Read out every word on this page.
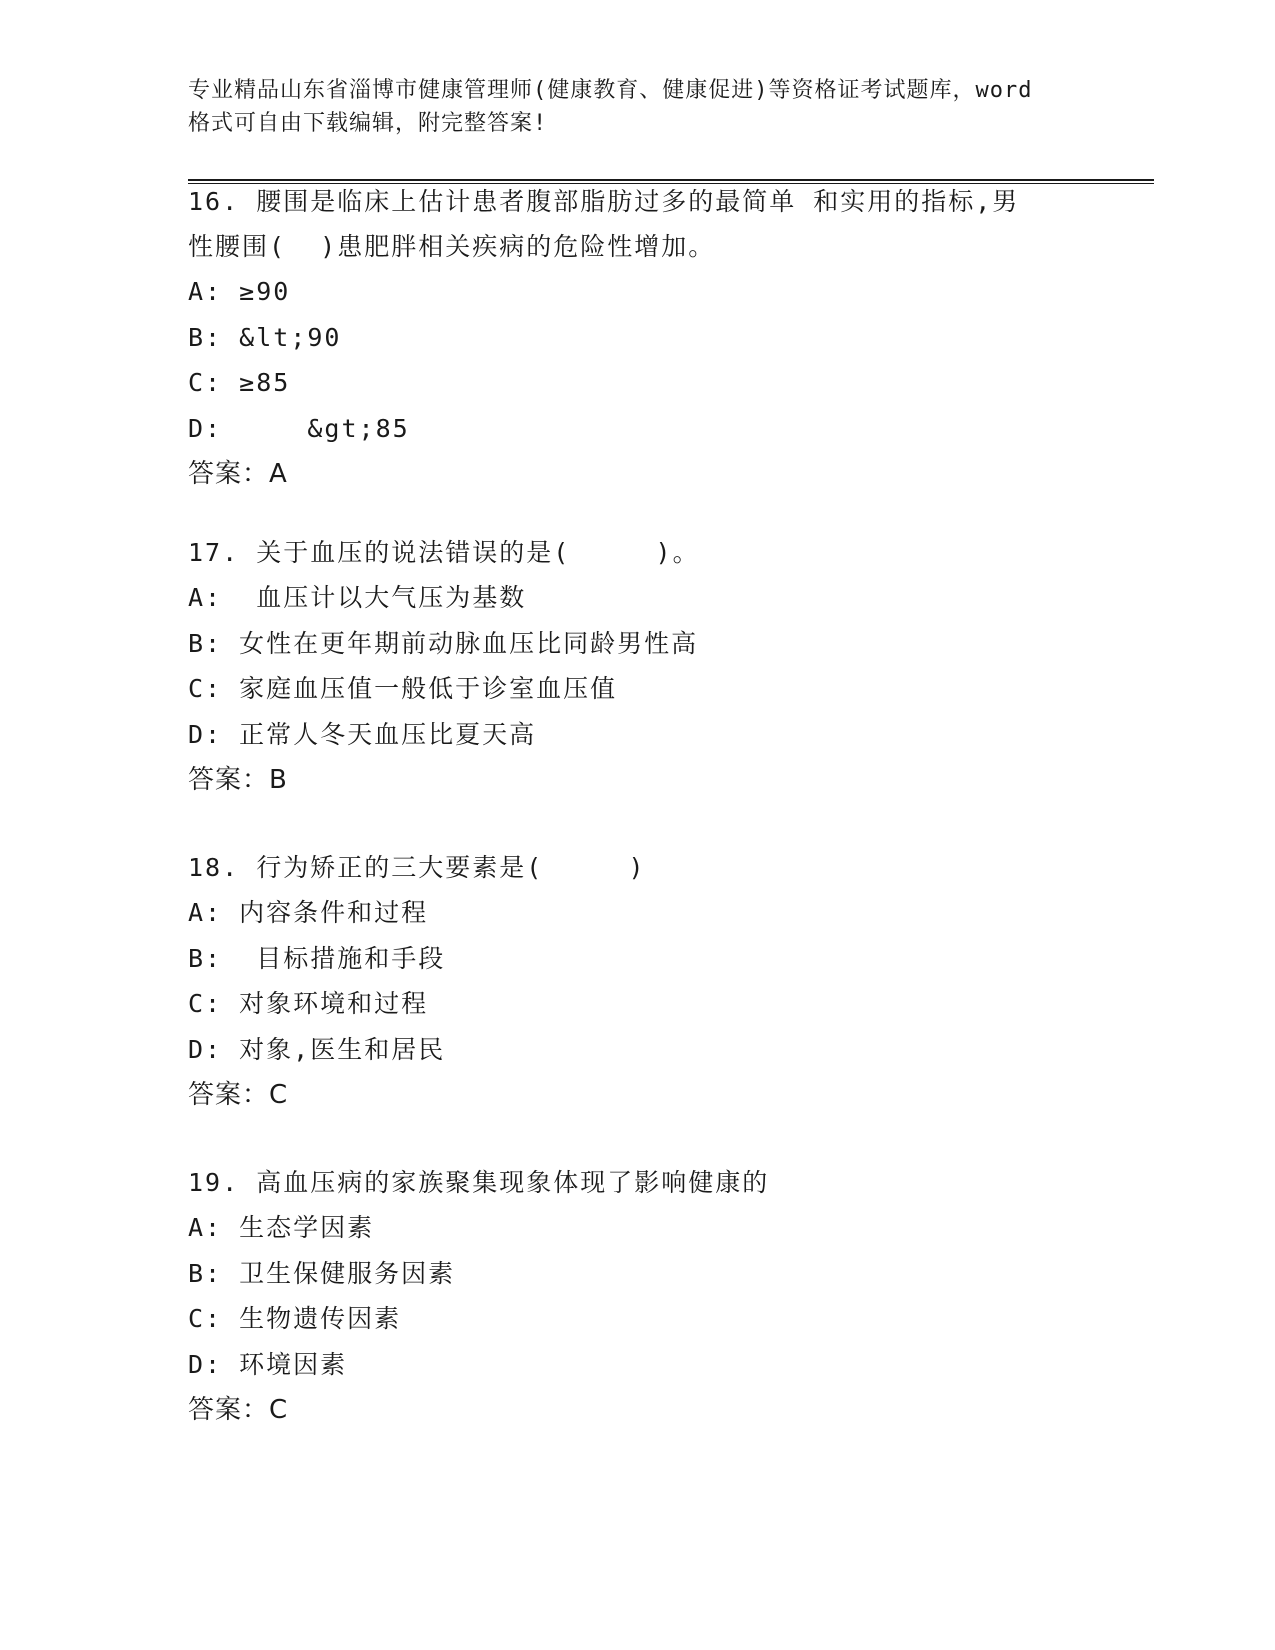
专业精品山东省淄博市健康管理师(健康教育、健康促进)等资格证考试题库，word
格式可自由下载编辑，附完整答案!
16. 腰围是临床上估计患者腹部脂肪过多的最简单 和实用的指标,男
性腰围(  )患肥胖相关疾病的危险性增加。
A: ≥90
B: &lt;90
C: ≥85
D:     &gt;85
答案：A
17. 关于血压的说法错误的是(     )。
A:  血压计以大气压为基数
B: 女性在更年期前动脉血压比同龄男性高
C: 家庭血压值一般低于诊室血压值
D: 正常人冬天血压比夏天高
答案：B
18. 行为矫正的三大要素是(     )
A: 内容条件和过程
B:  目标措施和手段
C: 对象环境和过程
D: 对象,医生和居民
答案：C
19. 高血压病的家族聚集现象体现了影响健康的
A: 生态学因素
B: 卫生保健服务因素
C: 生物遗传因素
D: 环境因素
答案：C
